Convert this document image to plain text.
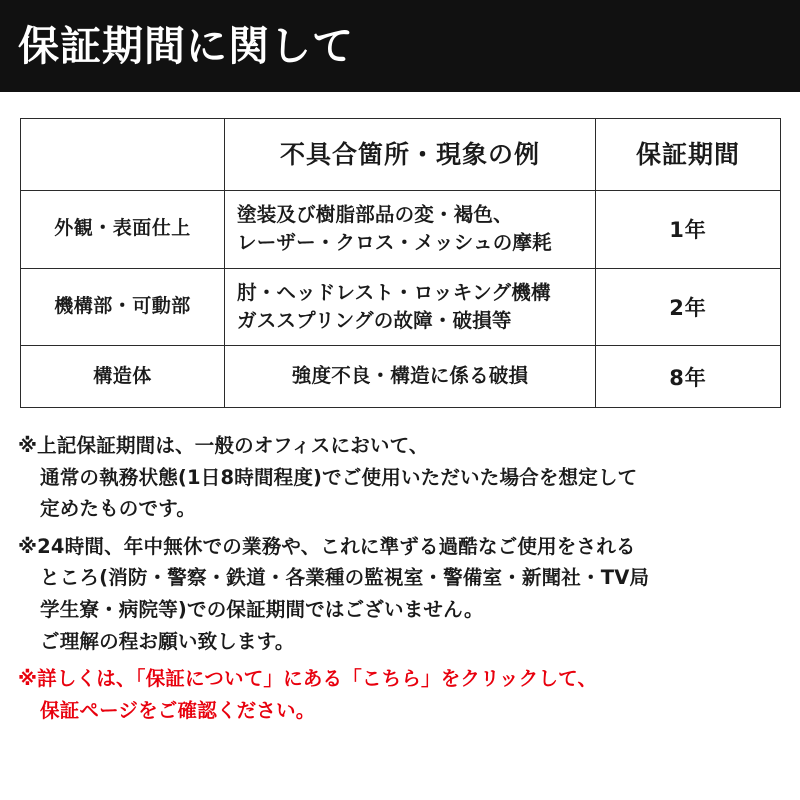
保証期間に関して

	不具合箇所・現象の例	保証期間

外観・表面仕上	塗装及び樹脂部品の変・褐色、
レーザー・クロス・メッシュの摩耗	1年

機構部・可動部	肘・ヘッドレスト・ロッキング機構
ガススプリングの故障・破損等	2年

構造体	強度不良・構造に係る破損	8年
※上記保証期間は、一般のオフィスにおいて、
通常の執務状態(1日8時間程度)でご使用いただいた場合を想定して
定めたものです。
※24時間、年中無休での業務や、これに準ずる過酷なご使用をされる
ところ(消防・警察・鉄道・各業種の監視室・警備室・新聞社・TV局
学生寮・病院等)での保証期間ではございません。
ご理解の程お願い致します。
※詳しくは、「保証について」にある「こちら」をクリックして、
保証ページをご確認ください。
